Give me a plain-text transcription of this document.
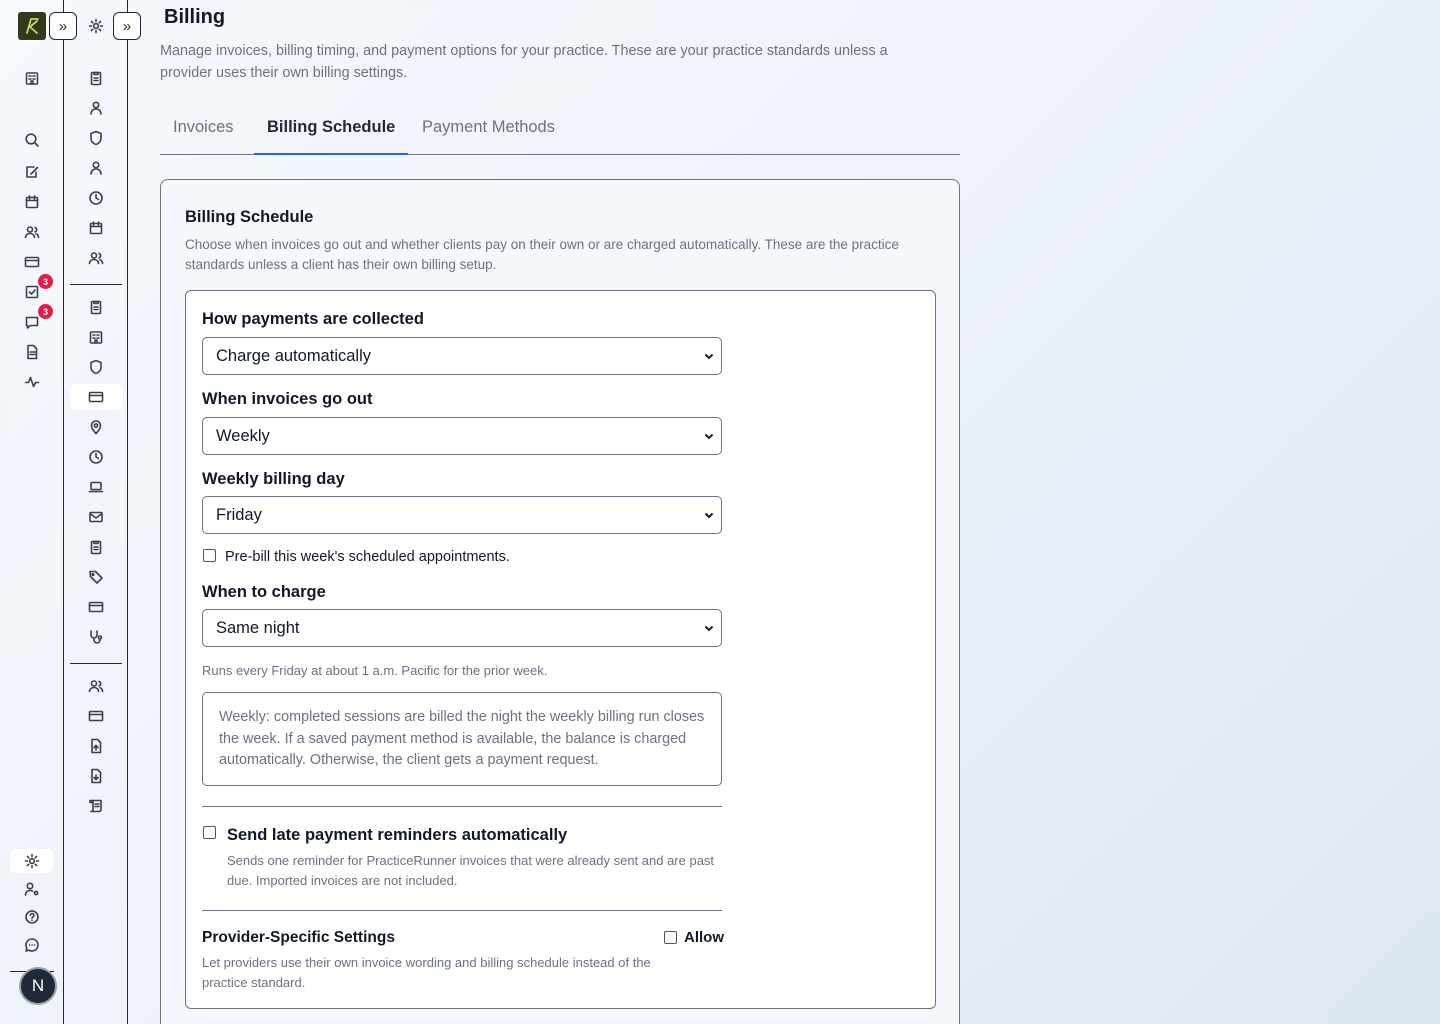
»
3
3
N
»	Billing

Manage invoices, billing timing, and payment options for your practice. These are your practice standards unless a provider uses their own billing settings.

Invoices	Billing Schedule	Payment Methods
Billing Schedule

Choose when invoices go out and whether clients pay on their own or are charged automatically. These are the practice standards unless a client has their own billing setup.

How payments are collected
Charge automatically
When invoices go out
Weekly
Weekly billing day
Friday
Pre-bill this week's scheduled appointments.
When to charge
Same night

Runs every Friday at about 1 a.m. Pacific for the prior week.

Weekly: completed sessions are billed the night the weekly billing run closes the week. If a saved payment method is available, the balance is charged automatically. Otherwise, the client gets a payment request.
Send late payment reminders automatically

Sends one reminder for PracticeRunner invoices that were already sent and are past due. Imported invoices are not included.

Provider-Specific Settings	Allow

Let providers use their own invoice wording and billing schedule instead of the practice standard.
